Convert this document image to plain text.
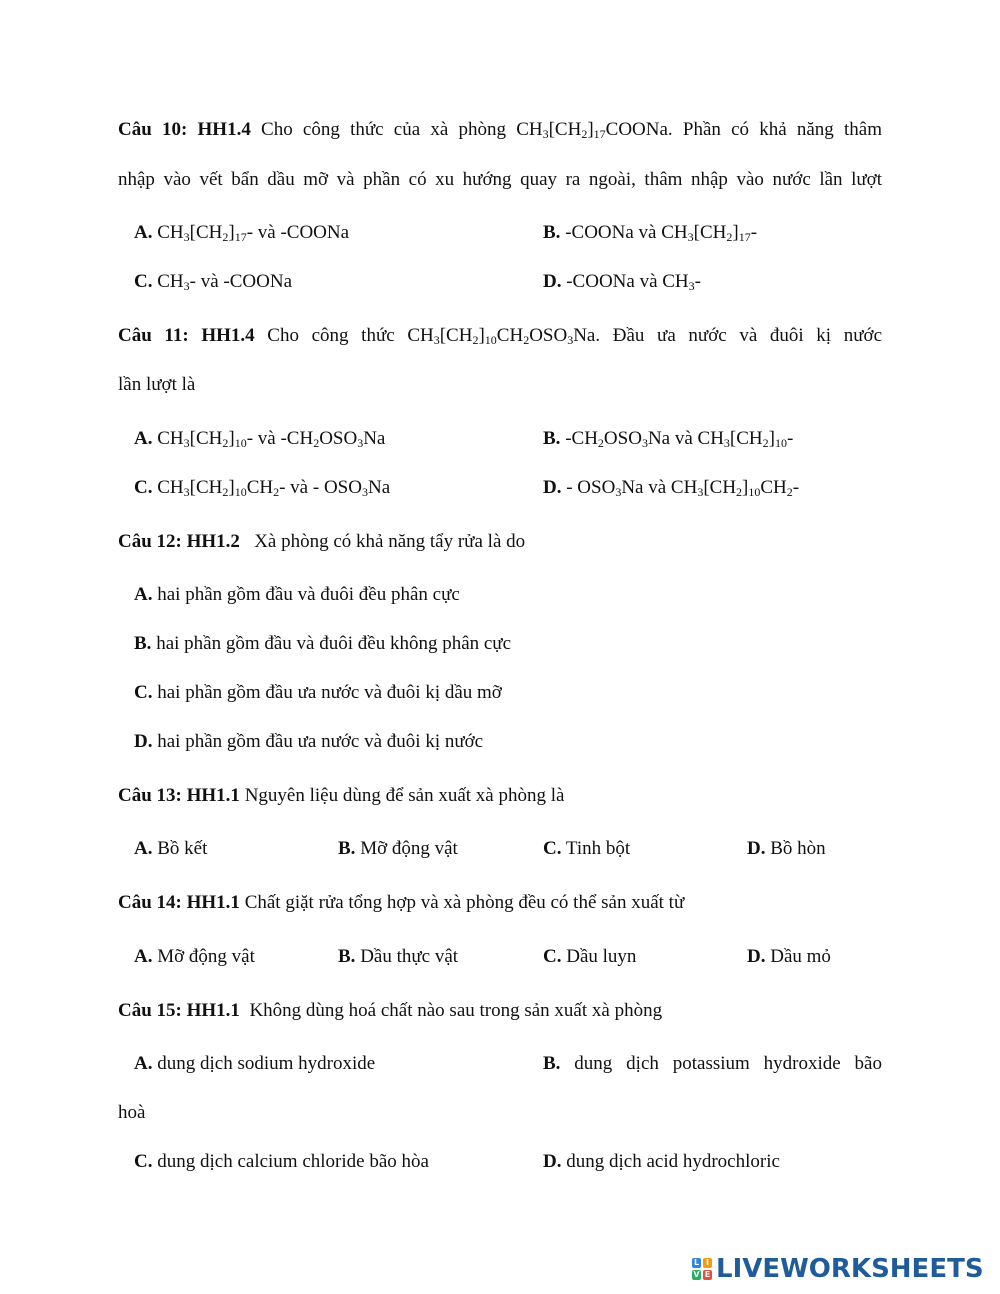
Câu 10: HH1.4 Cho công thức của xà phòng $CH_3[CH_2]_{17}COONa$. Phần có khả năng thâm
nhập vào vết bẩn dầu mỡ và phần có xu hướng quay ra ngoài, thâm nhập vào nước lần lượt
A. $CH_3[CH_2]_{17}-$ và -COONa	B. -COONa và $CH_3[CH_2]_{17}-$
C. $CH_3-$ và -COONa	D. -COONa và $CH_3-$
Câu 11: HH1.4 Cho công thức $CH_3[CH_2]_{10}CH_2OSO_3Na$. Đầu ưa nước và đuôi kị nước
lần lượt là
A. $CH_3[CH_2]_{10}-$ và $-CH_2OSO_3Na$	B. $-CH_2OSO_3Na$ và $CH_3[CH_2]_{10}-$
C. $CH_3[CH_2]_{10}CH_2-$ và - $OSO_3Na$	D. - $OSO_3Na$ và $CH_3[CH_2]_{10}CH_2-$
Câu 12: HH1.2   Xà phòng có khả năng tẩy rửa là do
A. hai phần gồm đầu và đuôi đều phân cực
B. hai phần gồm đầu và đuôi đều không phân cực
C. hai phần gồm đầu ưa nước và đuôi kị dầu mỡ
D. hai phần gồm đầu ưa nước và đuôi kị nước
Câu 13: HH1.1 Nguyên liệu dùng để sản xuất xà phòng là
A. Bồ kết	B. Mỡ động vật	C. Tinh bột	D. Bồ hòn
Câu 14: HH1.1 Chất giặt rửa tổng hợp và xà phòng đều có thể sản xuất từ
A. Mỡ động vật	B. Dầu thực vật	C. Dầu luyn	D. Dầu mỏ
Câu 15: HH1.1  Không dùng hoá chất nào sau trong sản xuất xà phòng
A. dung dịch sodium hydroxide	B. dung dịch potassium hydroxide bão
hoà
C. dung dịch calcium chloride bão hòa	D. dung dịch acid hydrochloric
L I
V E LIVEWORKSHEETS
